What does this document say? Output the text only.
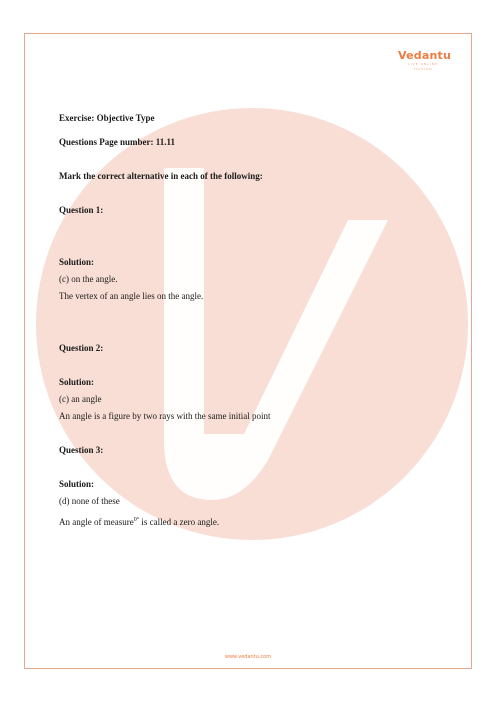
Vedantu
LIVE ONLINE TUITION
Exercise: Objective Type
Questions Page number: 11.11
Mark the correct alternative in each of the following:
Question 1:
Solution:
(c) on the angle.
The vertex of an angle lies on the angle.
Question 2:
Solution:
(c) an angle
An angle is a figure by two rays with the same initial point
Question 3:
Solution:
(d) none of these
An angle of measure$^{0^\circ}$ is called a zero angle.
www.vedantu.com
